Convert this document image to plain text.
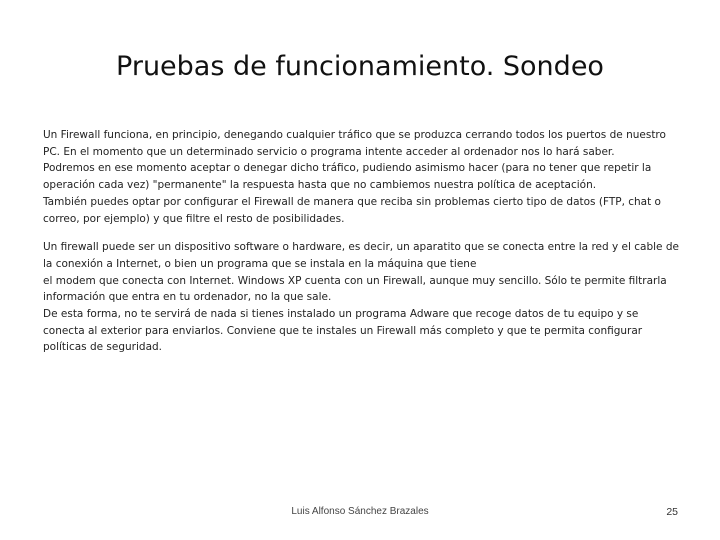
Pruebas de funcionamiento. Sondeo

Un Firewall funciona, en principio, denegando cualquier tráfico que se produzca cerrando todos los puertos de nuestro PC. En el momento que un determinado servicio o programa intente acceder al ordenador nos lo hará saber.

Podremos en ese momento aceptar o denegar dicho tráfico, pudiendo asimismo hacer (para no tener que repetir la operación cada vez) "permanente" la respuesta hasta que no cambiemos nuestra política de aceptación.

También puedes optar por configurar el Firewall de manera que reciba sin problemas cierto tipo de datos (FTP, chat o correo, por ejemplo) y que filtre el resto de posibilidades.

Un firewall puede ser un dispositivo software o hardware, es decir, un aparatito que se conecta entre la red y el cable de la conexión a Internet, o bien un programa que se instala en la máquina que tiene

el modem que conecta con Internet. Windows XP cuenta con un Firewall, aunque muy sencillo. Sólo te permite filtrarla información que entra en tu ordenador, no la que sale.

De esta forma, no te servirá de nada si tienes instalado un programa Adware que recoge datos de tu equipo y se conecta al exterior para enviarlos. Conviene que te instales un Firewall más completo y que te permita configurar políticas de seguridad.

Luis Alfonso Sánchez Brazales	25
